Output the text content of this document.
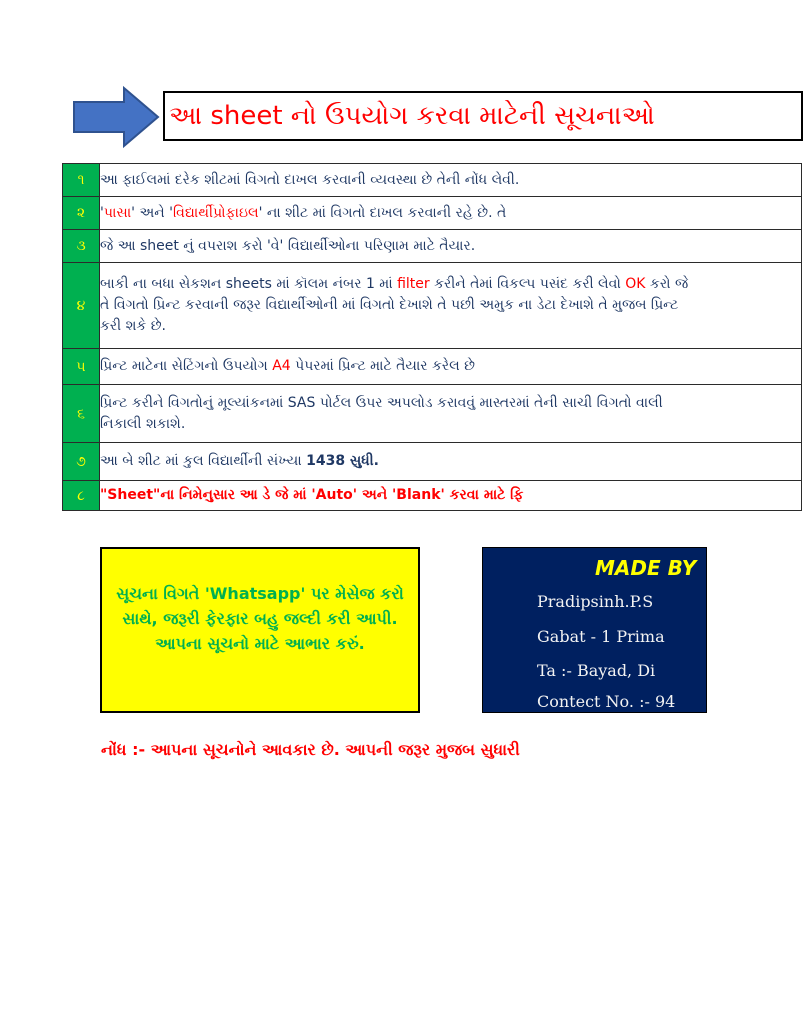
આ sheet નો ઉપયોગ કરવા માટેની સૂચનાઓ
૧	આ ફાઈલમાં દરેક શીટમાં વિગતો દાખલ કરવાની વ્યવસ્થા છે તેની નોંધ લેવી.

૨	'પાસા' અને 'વિદ્યાર્થીપ્રોફાઇલ' ના શીટ માં વિગતો દાખલ કરવાની રહે છે. તે

૩	જે આ sheet નું વપરાશ કરો 'વે' વિદ્યાર્થીઓના પરિણામ માટે તૈયાર.

૪	બાકી ના બધા સેકશન sheets માં કૉલમ નંબર 1 માં filter કરીને તેમાં વિકલ્પ પસંદ કરી લેવો OK કરો જે તે વિગતો પ્રિન્ટ કરવાની જરૂર વિદ્યાર્થીઓની માં વિગતો દેખાશે તે પછી અમુક ના ડેટા દેખાશે તે મુજબ પ્રિન્ટ કરી શકે છે.

૫	પ્રિન્ટ માટેના સેટિંગનો ઉપયોગ A4 પેપરમાં પ્રિન્ટ માટે તૈયાર કરેલ છે

૬	પ્રિન્ટ કરીને વિગતોનું મૂલ્યાંકનમાં SAS પોર્ટલ ઉપર અપલોડ કરાવવું માસ્તરમાં તેની સાચી વિગતો વાલી નિકાલી શકાશે.

૭	આ બે શીટ માં કુલ વિદ્યાર્થીની સંખ્યા 1438 સુધી.

૮	"Sheet"ના નિમેનુસાર આ ડે જે માં 'Auto' અને 'Blank' કરવા માટે ફિ
નોંધ :- આપના સૂચનોને આવકાર છે. આપની જરૂર મુજબ સુધારી
સૂચના વિગતે 'Whatsapp' પર મેસેજ કરો સાથે, જરૂરી ફેરફાર બહુ જલ્દી કરી આપી. આપના સૂચનો માટે આભાર કરું.
MADE BY
Pradipsinh.P.S
Gabat - 1 Prima
Ta :- Bayad, Di
Contect No. :- 94
